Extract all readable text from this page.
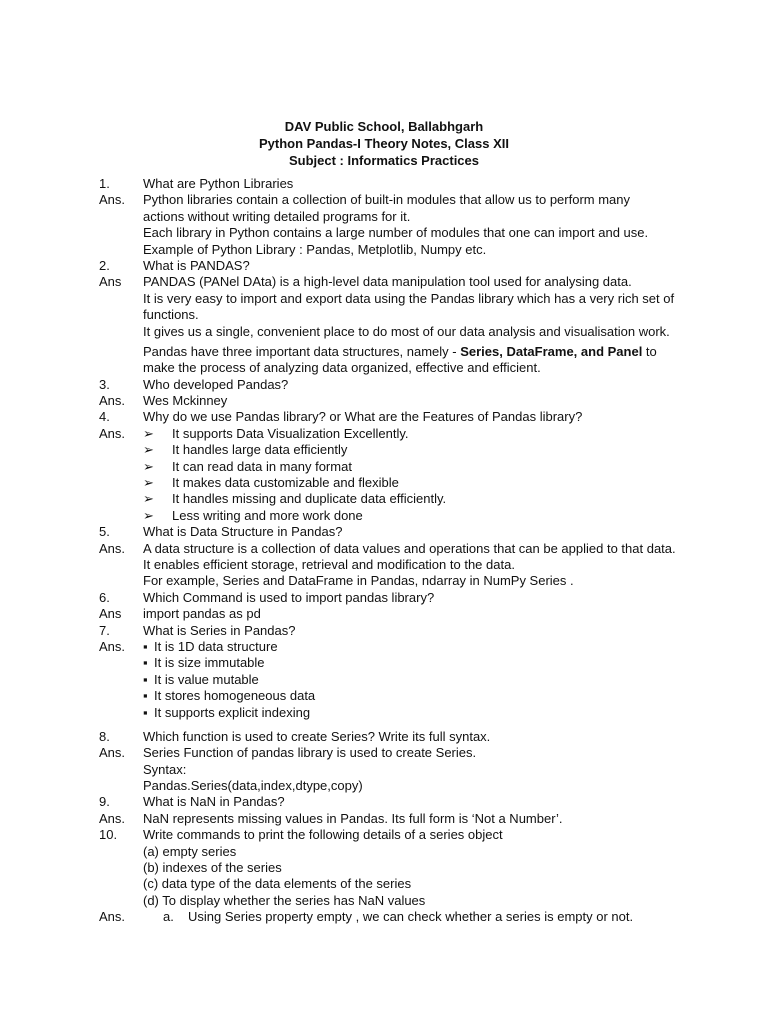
DAV Public School, Ballabhgarh
Python Pandas-I Theory Notes, Class XII
Subject : Informatics Practices
1.	What are Python Libraries
Ans.	Python libraries contain a collection of built-in modules that allow us to perform many
actions without writing detailed programs for it.
Each library in Python contains a large number of modules that one can import and use.
Example of Python Library : Pandas, Metplotlib, Numpy etc.
2.	What is PANDAS?
Ans	PANDAS (PANel DAta) is a high-level data manipulation tool used for analysing data.
It is very easy to import and export data using the Pandas library which has a very rich set of
functions.
It gives us a single, convenient place to do most of our data analysis and visualisation work.
Pandas have three important data structures, namely - Series, DataFrame, and Panel to
make the process of analyzing data organized, effective and efficient.
3.	Who developed Pandas?
Ans.	Wes Mckinney
4.	Why do we use Pandas library? or What are the Features of Pandas library?
Ans.	➢ It supports Data Visualization Excellently.
➢ It handles large data efficiently
➢ It can read data in many format
➢ It makes data customizable and flexible
➢ It handles missing and duplicate data efficiently.
➢ Less writing and more work done
5.	What is Data Structure in Pandas?
Ans.	A data structure is a collection of data values and operations that can be applied to that data.
It enables efficient storage, retrieval and modification to the data.
For example, Series and DataFrame in Pandas, ndarray in NumPy Series .
6.	Which Command is used to import pandas library?
Ans	import pandas as pd
7.	What is Series in Pandas?
Ans.	▪ It is 1D data structure
▪ It is size immutable
▪ It is value mutable
▪ It stores homogeneous data
▪ It supports explicit indexing
8.	Which function is used to create Series? Write its full syntax.
Ans.	Series Function of pandas library is used to create Series.
Syntax:
Pandas.Series(data,index,dtype,copy)
9.	What is NaN in Pandas?
Ans.	NaN represents missing values in Pandas. Its full form is ‘Not a Number’.
10.	Write commands to print the following details of a series object
(a) empty series
(b) indexes of the series
(c) data type of the data elements of the series
(d) To display whether the series has NaN values
Ans.	a. Using Series property empty , we can check whether a series is empty or not.
